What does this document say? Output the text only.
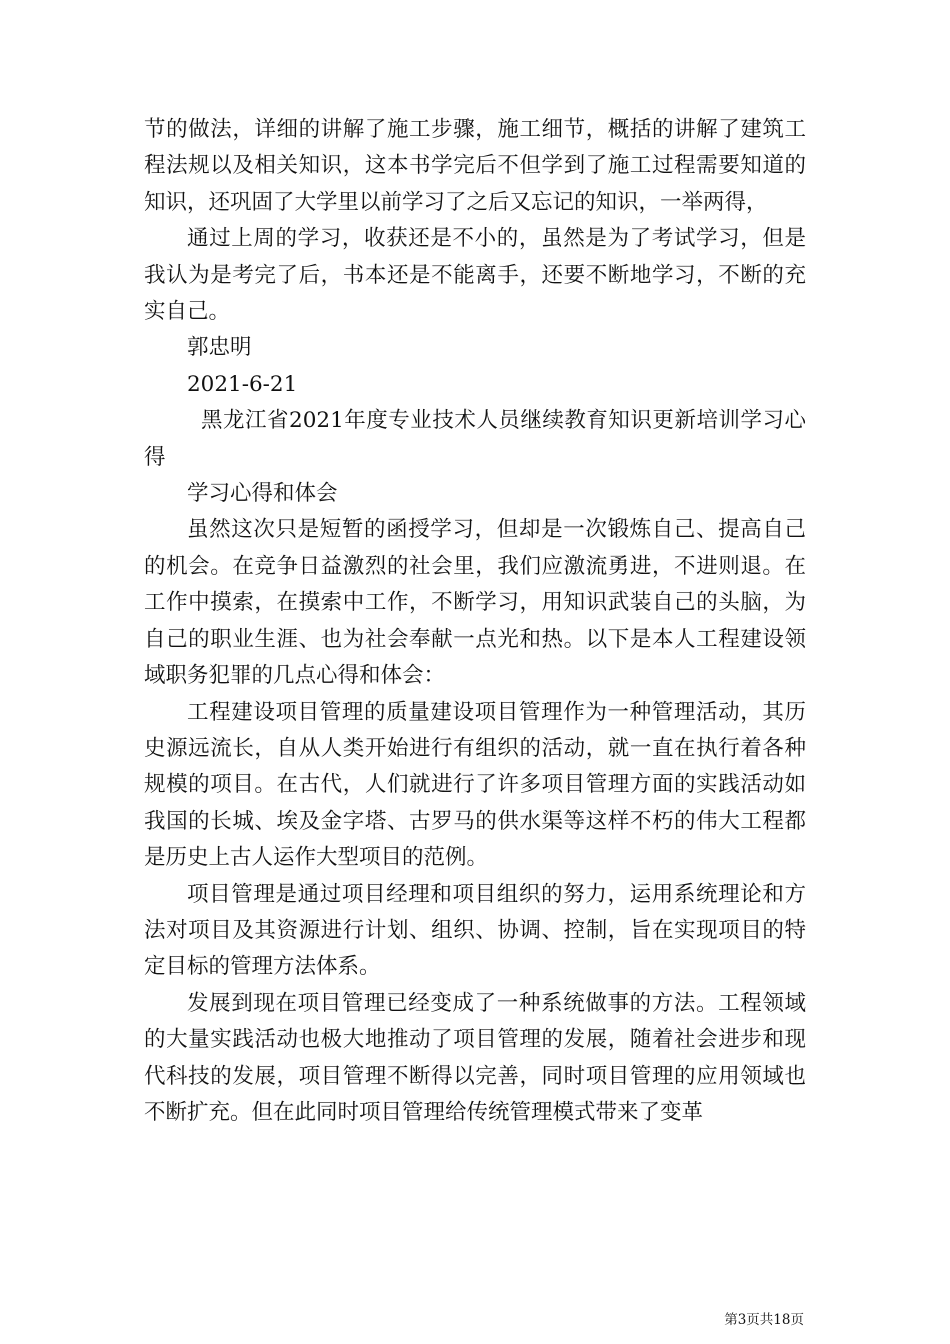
节的做法，详细的讲解了施工步骤，施工细节，概括的讲解了建筑工程法规以及相关知识，这本书学完后不但学到了施工过程需要知道的知识，还巩固了大学里以前学习了之后又忘记的知识，一举两得，

通过上周的学习，收获还是不小的，虽然是为了考试学习，但是我认为是考完了后，书本还是不能离手，还要不断地学习，不断的充实自己。

郭忠明

2021-6-21

黑龙江省2021年度专业技术人员继续教育知识更新培训学习心得

学习心得和体会

虽然这次只是短暂的函授学习，但却是一次锻炼自己、提高自己的机会。在竞争日益激烈的社会里，我们应激流勇进，不进则退。在工作中摸索，在摸索中工作，不断学习，用知识武装自己的头脑，为自己的职业生涯、也为社会奉献一点光和热。以下是本人工程建设领域职务犯罪的几点心得和体会：

工程建设项目管理的质量建设项目管理作为一种管理活动，其历史源远流长，自从人类开始进行有组织的活动，就一直在执行着各种规模的项目。在古代，人们就进行了许多项目管理方面的实践活动如我国的长城、埃及金字塔、古罗马的供水渠等这样不朽的伟大工程都是历史上古人运作大型项目的范例。

项目管理是通过项目经理和项目组织的努力，运用系统理论和方法对项目及其资源进行计划、组织、协调、控制，旨在实现项目的特定目标的管理方法体系。

发展到现在项目管理已经变成了一种系统做事的方法。工程领域的大量实践活动也极大地推动了项目管理的发展，随着社会进步和现代科技的发展，项目管理不断得以完善，同时项目管理的应用领域也不断扩充。但在此同时项目管理给传统管理模式带来了变革

第3页共18页
